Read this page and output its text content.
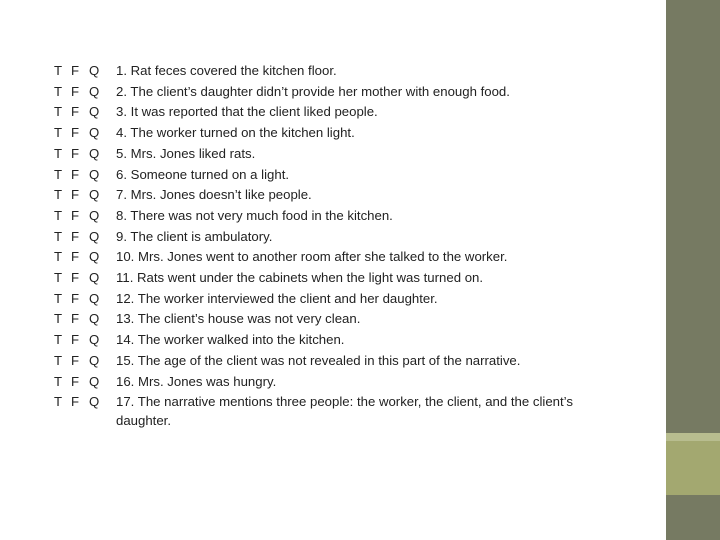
T F Q 1. Rat feces covered the kitchen floor.
T F Q 2. The client’s daughter didn’t provide her mother with enough food.
T F Q 3. It was reported that the client liked people.
T F Q 4. The worker turned on the kitchen light.
T F Q 5. Mrs. Jones liked rats.
T F Q 6. Someone turned on a light.
T F Q 7. Mrs. Jones doesn’t like people.
T F Q 8. There was not very much food in the kitchen.
T F Q 9. The client is ambulatory.
T F Q 10. Mrs. Jones went to another room after she talked to the worker.
T F Q 11. Rats went under the cabinets when the light was turned on.
T F Q 12. The worker interviewed the client and her daughter.
T F Q 13. The client’s house was not very clean.
T F Q 14. The worker walked into the kitchen.
T F Q 15. The age of the client was not revealed in this part of the narrative.
T F Q 16. Mrs. Jones was hungry.
T F Q 17. The narrative mentions three people: the worker, the client, and the client’s daughter.
